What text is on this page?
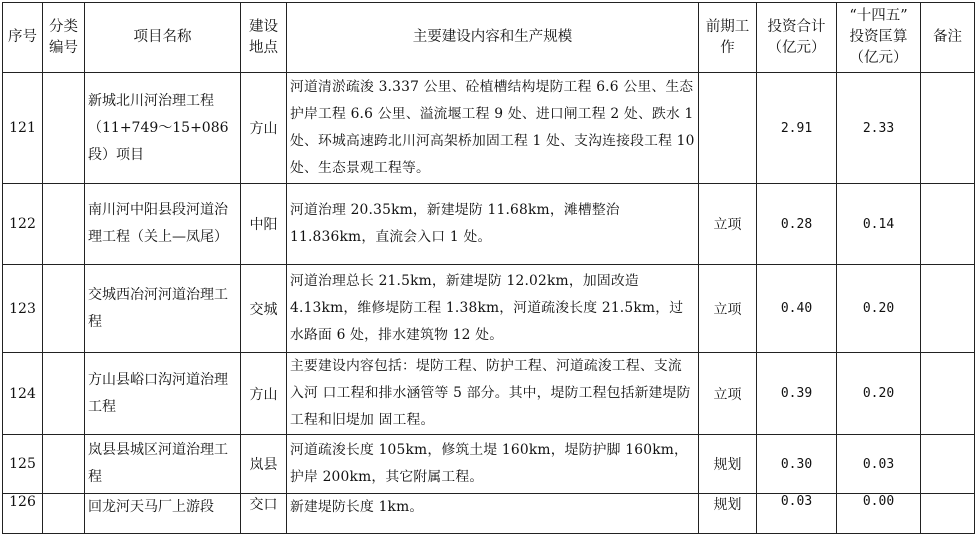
序号	分类编号	项目名称	建设地点	主要建设内容和生产规模	前期工作	投资合计（亿元）	“十四五”
投资匡算（亿元）	备注
121		新城北川河治理工程（11+749〜15+086段）项目	方山	河道清淤疏浚 3.337 公里、砼植槽结构堤防工程 6.6 公里、生态护岸工程 6.6 公里、溢流堰工程 9 处、进口闸工程 2 处、跌水 1 处、环城高速跨北川河高架桥加固工程 1 处、支沟连接段工程 10 处、生态景观工程等。		2.91	2.33	
122		南川河中阳县段河道治理工程（关上—凤尾）	中阳	河道治理 20.35km，新建堤防 11.68km，滩槽整治 11.836km，直流会入口 1 处。	立项	0.28	0.14	
123		交城西冶河河道治理工程	交城	河道治理总长 21.5km，新建堤防 12.02km，加固改造 4.13km，维修堤防工程 1.38km，河道疏浚长度 21.5km，过水路面 6 处，排水建筑物 12 处。	立项	0.40	0.20	
124		方山县峪口沟河道治理工程	方山	主要建设内容包括：堤防工程、防护工程、河道疏浚工程、支流入河 口工程和排水涵管等 5 部分。其中，堤防工程包括新建堤防工程和旧堤加 固工程。	立项	0.39	0.20	
125		岚县县城区河道治理工程	岚县	河道疏浚长度 105km，修筑土堤 160km，堤防护脚 160km，护岸 200km，其它附属工程。	规划	0.30	0.03	
126		回龙河天马厂上游段	交口	新建堤防长度 1km。	规划	0.03	0.00	
